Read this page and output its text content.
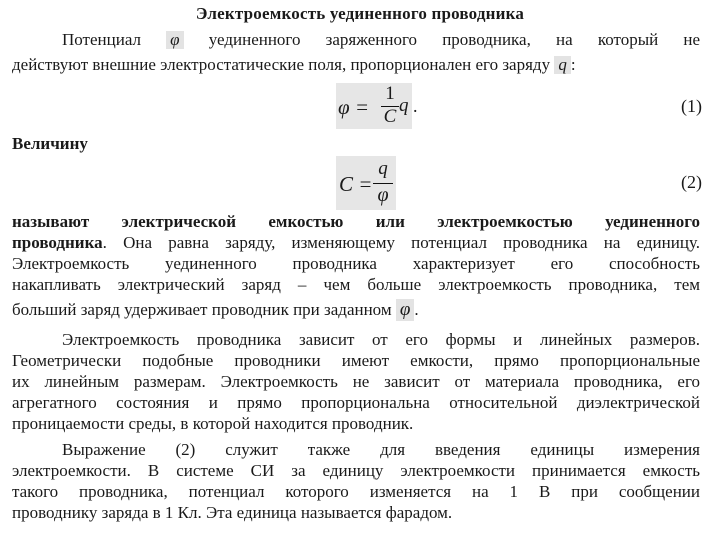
Электроемкость уединенного проводника
Потенциал φ уединенного заряженного проводника, на который не
действуют внешние электростатические поля, пропорционален его заряду q :
φ =
1
C
q .	(1)
Величину
C =
q
φ
(2)
называют электрической емкостью или электроемкостью уединенного
проводника. Она равна заряду, изменяющему потенциал проводника на единицу.
Электроемкость уединенного проводника характеризует его способность
накапливать электрический заряд – чем больше электроемкость проводника, тем
больший заряд удерживает проводник при заданном φ .
Электроемкость проводника зависит от его формы и линейных размеров.
Геометрически подобные проводники имеют емкости, прямо пропорциональные
их линейным размерам. Электроемкость не зависит от материала проводника, его
агрегатного состояния и прямо пропорциональна относительной диэлектрической
проницаемости среды, в которой находится проводник.
Выражение (2) служит также для введения единицы измерения
электроемкости. В системе СИ за единицу электроемкости принимается емкость
такого проводника, потенциал которого изменяется на 1 В при сообщении
проводнику заряда в 1 Кл. Эта единица называется фарадом.
